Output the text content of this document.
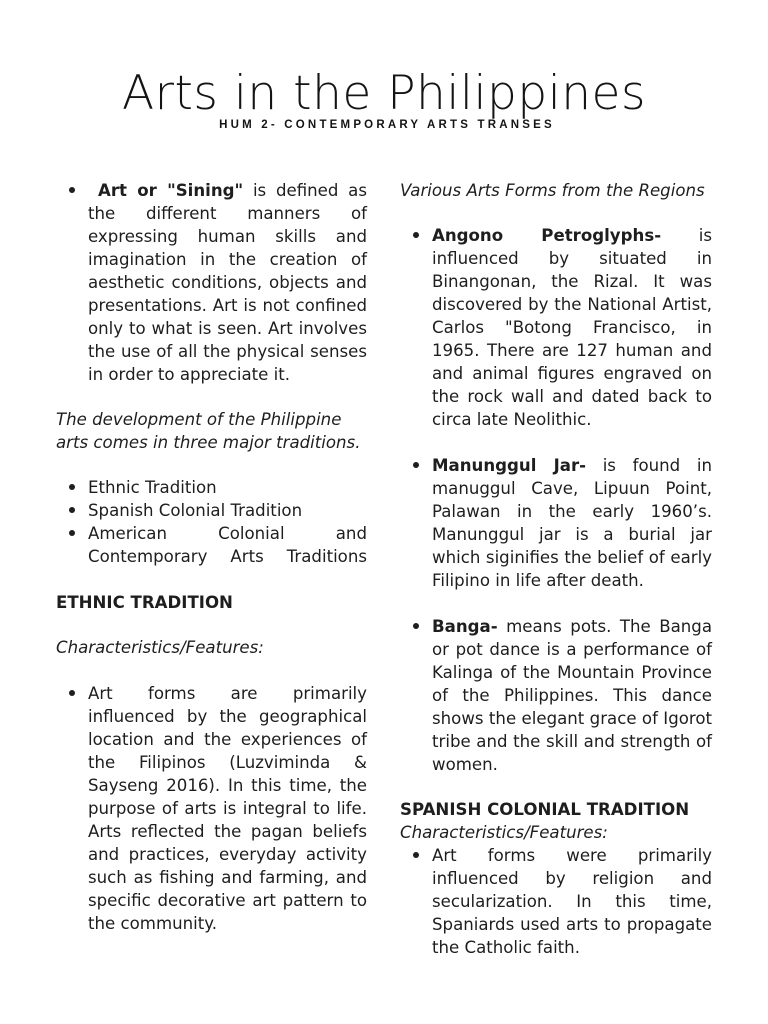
Arts in the Philippines
HUM 2- CONTEMPORARY ARTS TRANSES
Art or "Sining" is defined as the different manners of expressing human skills and imagination in the creation of aesthetic conditions, objects and presentations. Art is not confined only to what is seen. Art involves the use of all the physical senses in order to appreciate it.

The development of the Philippine arts comes in three major traditions.

Ethnic Tradition
Spanish Colonial Tradition
American Colonial and Contemporary Arts Traditions

ETHNIC TRADITION

Characteristics/Features:

Art forms are primarily influenced by the geographical location and the experiences of the Filipinos (Luzviminda & Sayseng 2016). In this time, the purpose of arts is integral to life. Arts reflected the pagan beliefs and practices, everyday activity such as fishing and farming, and specific decorative art pattern to the community.

Various Arts Forms from the Regions

Angono Petroglyphs- is influenced by situated in Binangonan, the Rizal. It was discovered by the National Artist, Carlos "Botong Francisco, in 1965. There are 127 human and and animal figures engraved on the rock wall and dated back to circa late Neolithic.
Manunggul Jar- is found in manuggul Cave, Lipuun Point, Palawan in the early 1960’s. Manunggul jar is a burial jar which siginifies the belief of early Filipino in life after death.
Banga- means pots. The Banga or pot dance is a performance of Kalinga of the Mountain Province of the Philippines. This dance shows the elegant grace of Igorot tribe and the skill and strength of women.

SPANISH COLONIAL TRADITION

Characteristics/Features:

Art forms were primarily influenced by religion and secularization. In this time, Spaniards used arts to propagate the Catholic faith.
